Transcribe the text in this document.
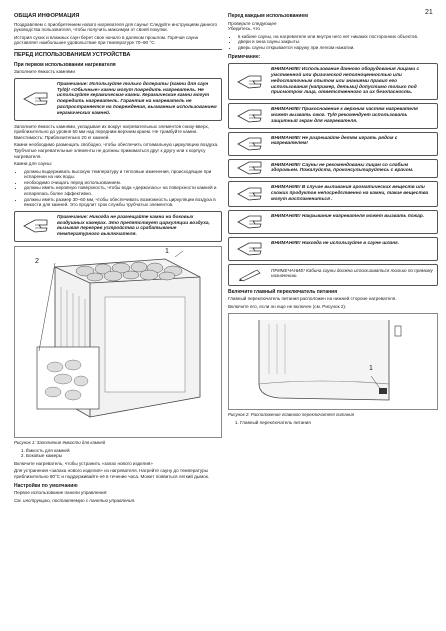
21
ОБЩАЯ ИНФОРМАЦИЯ

Поздравляем с приобретением нового нагревателя для сауны! Следуйте инструкциям данного руководства пользователя, чтобы получить максимум от своей покупки.

История сухих и влажных саун берет свое начало в далеком прошлом. Горячая сауна доставляет наибольшее удовольствие при температуре 70–90 °C.

ПЕРЕД ИСПОЛЬЗОВАНИЕМ УСТРОЙСТВА
При первом использовании нагревателя

Заполните ёмкость камнями

Примечание: Используйте только долериты (камни для саун Tylö)! «Обычные» камни могут повредить нагреватель. Не используйте керамические камни. Керамические камни могут повредить нагреватель. Гарантия на нагреватель не распространяется на повреждения, вызванные использованием керамических камней.

Заполните ёмкость камнями, укладывая их вокруг нагревательных элементов снизу-вверх, приблизительно до уровня 50 мм над передним верхним краем. Не трамбуйте камни. Вместимость: Приблизительно 20 кг камней.

Камни необходимо размещать свободно, чтобы обеспечить оптимальную циркуляцию воздуха. Трубчатые нагревательные элементы не должны прижиматься друг к другу или к корпусу нагревателя.

Камни для сауны:

• должны выдерживать высокую температуру и тепловые изменения, происходящие при испарении на них воды.
• необходимо очищать перед использованием.
• должны иметь неровную поверхность, чтобы вода «держалась» на поверхности камней и испарялась более эффективно.
• должны иметь размер 30–60 мм, чтобы обеспечивать возможность циркуляции воздуха в ёмкости для камней. Это продлит срок службы трубчатых элементов.
Примечание: Никогда не размещайте камни на боковых воздушных камерах. Это препятствует циркуляции воздуха, вызывая перегрев устройства и срабатывание температурного выключателя.
1
2

Рисунок 1: Заполнение ёмкости для камней

1. Ёмкость для камней
2. Боковые камеры

Включите нагреватель, чтобы устранить «запах нового изделия»

Для устранения «запаха нового изделия» из нагревателя. Нагрейте сауну до температуры приблизительно 90°C и поддерживайте её в течение часа. Может появиться легкий дымок.

Настройки по умолчанию

Первое использование панели управления:

См. инструкцию, поставляемую с панелью управления.

Перед каждым использованием

Проверьте следующее

Убедитесь, что

• в кабине сауны, на нагревателе или внутри него нет никаких посторонних объектов.
• двери и окна сауны закрыты.
• дверь сауны открывается наружу при легком нажатии.
Примечание:
ВНИМАНИЕ! Использование данного оборудования лицами с умственной или физической неполноценностью или недостаточным опытом или знаниями правил его использования (например, детьми) допустимо только под присмотром лица, ответственного за их безопасность.
ВНИМАНИЕ! Прикосновение к верхним частям нагревателя может вызвать ожог. Tylö рекомендует использовать защитный экран для нагревателя.
ВНИМАНИЕ! Не разрешайте детям играть рядом с нагревателем!
ВНИМАНИЕ! Сауны не рекомендованы лицам со слабым здоровьем. Пожалуйста, проконсультируйтесь с врачом.
ВНИМАНИЕ! В случае выливания ароматических веществ или схожих продуктов непосредственно на камни, такие вещества могут воспламениться .
ВНИМАНИЕ! Накрывание нагревателя может вызвать пожар.
ВНИМАНИЕ! Никогда не используйте в сауне шланг.
ПРИМЕЧАНИЕ! Кабина сауны должна использоваться только по прямому назначению.
Включите главный переключатель питания

Главный переключатель питания расположен на нижней стороне нагревателя.

Включите его, если он еще не включен (см. Рисунок 2).

1

Рисунок 2: Расположение главного переключателя питания

1. Главный переключатель питания
